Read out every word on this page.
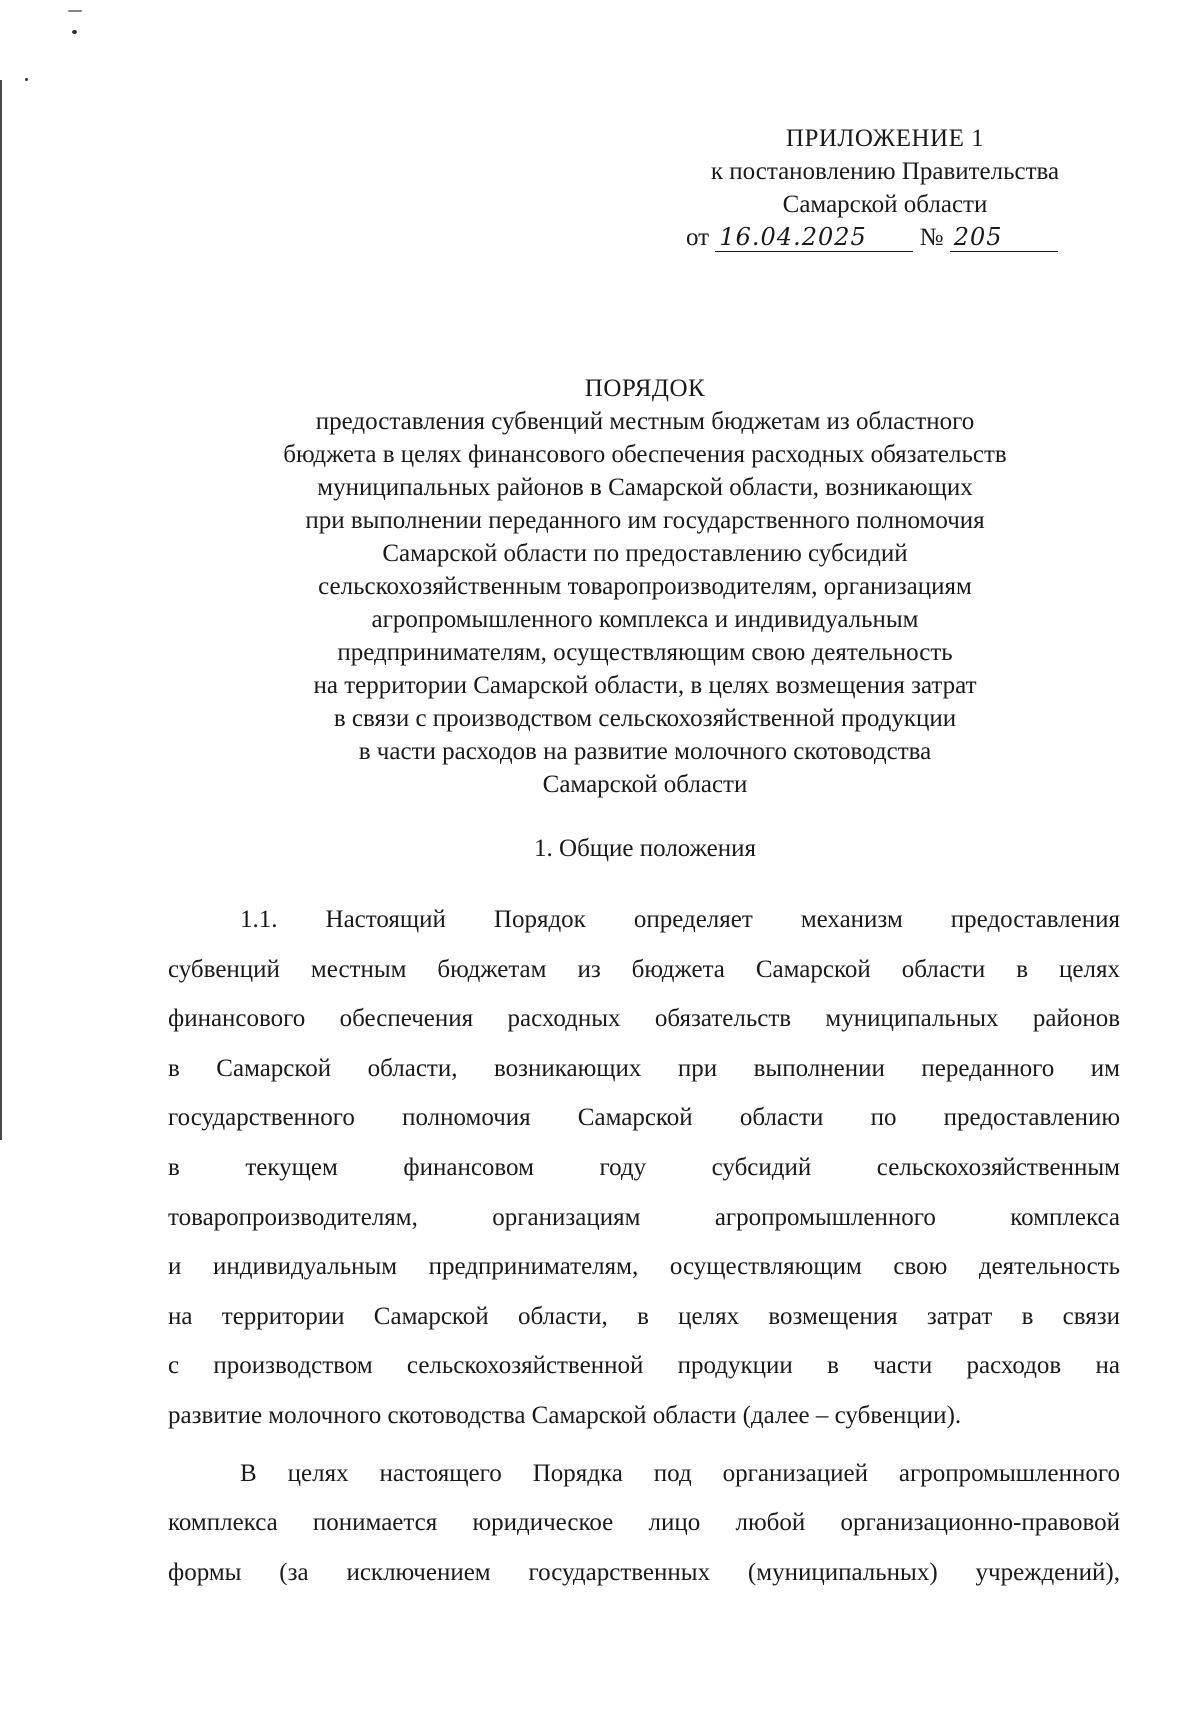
ПРИЛОЖЕНИЕ 1
к постановлению Правительства
Самарской области
от 16.04.2025 № 205
ПОРЯДОК
предоставления субвенций местным бюджетам из областного
бюджета в целях финансового обеспечения расходных обязательств
муниципальных районов в Самарской области, возникающих
при выполнении переданного им государственного полномочия
Самарской области по предоставлению субсидий
сельскохозяйственным товаропроизводителям, организациям
агропромышленного комплекса и индивидуальным
предпринимателям, осуществляющим свою деятельность
на территории Самарской области, в целях возмещения затрат
в связи с производством сельскохозяйственной продукции
в части расходов на развитие молочного скотоводства
Самарской области
1. Общие положения

1.1. Настоящий Порядок определяет механизм предоставления
субвенций местным бюджетам из бюджета Самарской области в целях
финансового обеспечения расходных обязательств муниципальных районов
в Самарской области, возникающих при выполнении переданного им
государственного полномочия Самарской области по предоставлению
в текущем финансовом году субсидий сельскохозяйственным
товаропроизводителям, организациям агропромышленного комплекса
и индивидуальным предпринимателям, осуществляющим свою деятельность
на территории Самарской области, в целях возмещения затрат в связи
с производством сельскохозяйственной продукции в части расходов на
развитие молочного скотоводства Самарской области (далее – субвенции).

В целях настоящего Порядка под организацией агропромышленного
комплекса понимается юридическое лицо любой организационно-правовой
формы (за исключением государственных (муниципальных) учреждений),
